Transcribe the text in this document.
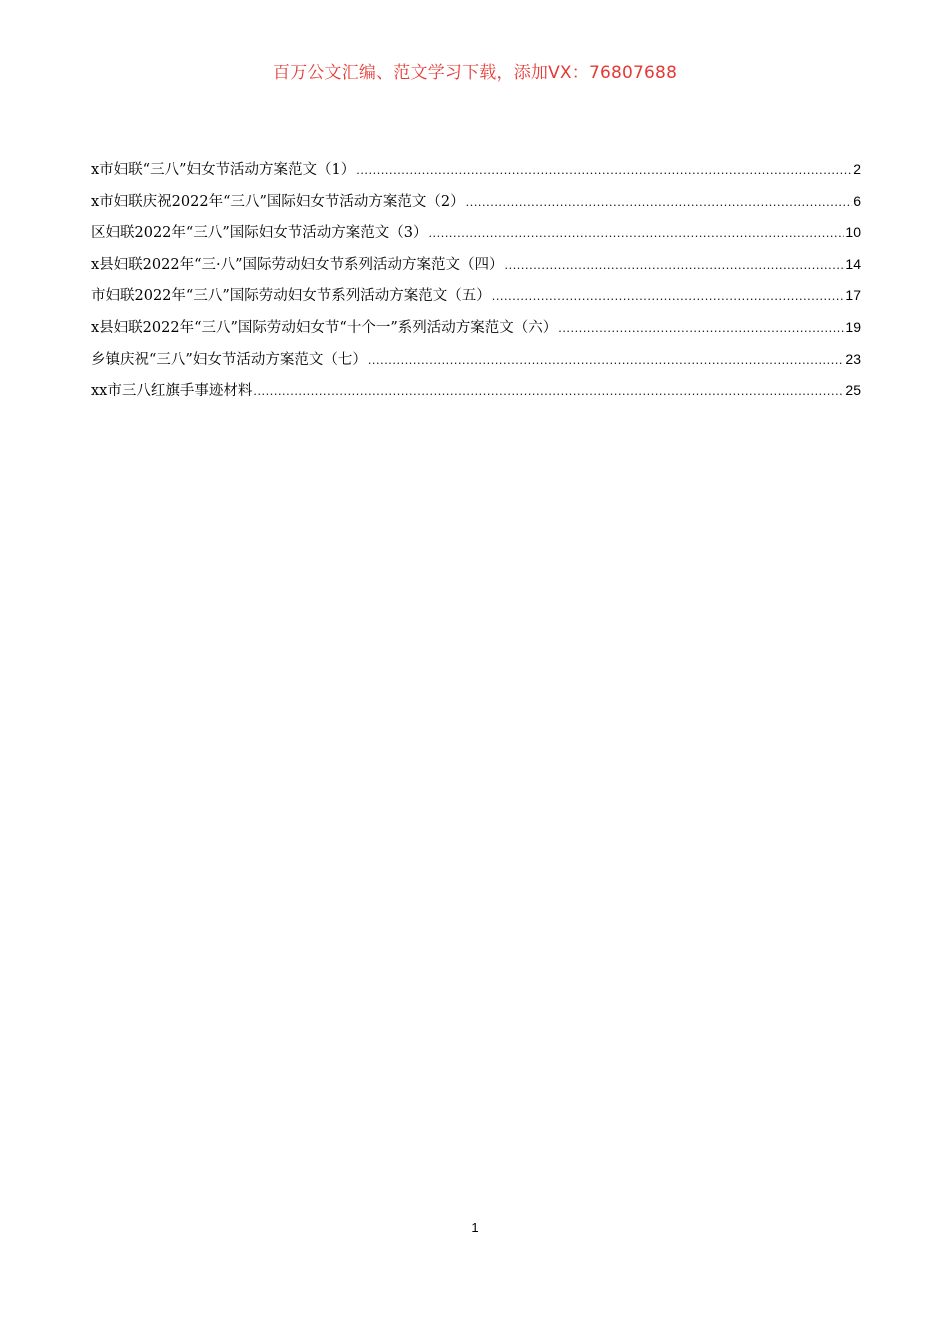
百万公文汇编、范文学习下载，添加VX：76807688
x市妇联“三八”妇女节活动方案范文（1） .....	2
x市妇联庆祝2022年“三八”国际妇女节活动方案范文（2） .....	6
区妇联2022年“三八”国际妇女节活动方案范文（3） .....	10
x县妇联2022年“三·八”国际劳动妇女节系列活动方案范文（四） .....	14
市妇联2022年“三八”国际劳动妇女节系列活动方案范文（五） .....	17
x县妇联2022年“三八”国际劳动妇女节“十个一”系列活动方案范文（六） .....	19
乡镇庆祝“三八”妇女节活动方案范文（七） .....	23
xx市三八红旗手事迹材料 .....	25
1
